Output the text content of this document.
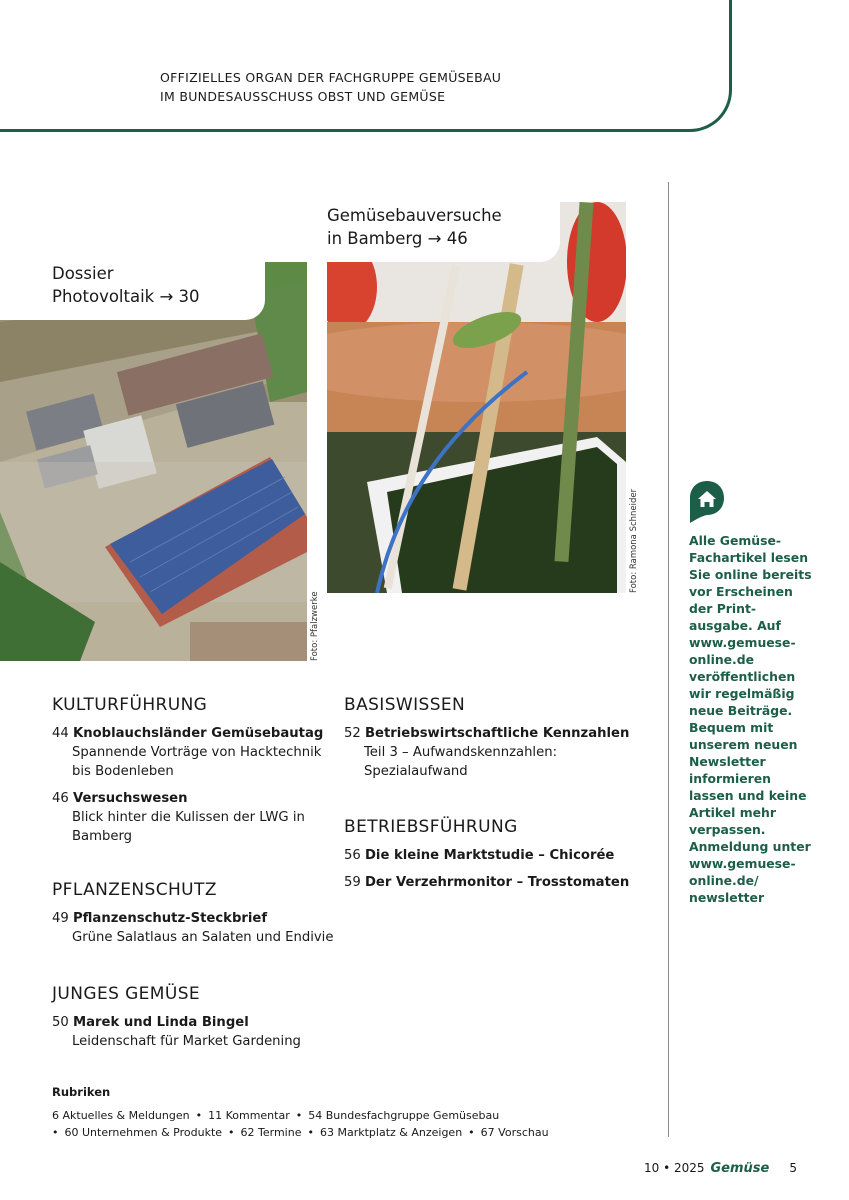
OFFIZIELLES ORGAN DER FACHGRUPPE GEMÜSEBAU
IM BUNDESAUSSCHUSS OBST UND GEMÜSE
Foto: Pfalzwerke
Dossier
Photovoltaik → 30
Foto: Ramona Schneider
Gemüsebauversuche
in Bamberg → 46
KULTURFÜHRUNG
44 Knoblauchsländer Gemüsebautag
Spannende Vorträge von Hacktechnik
bis Bodenleben
46 Versuchswesen
Blick hinter die Kulissen der LWG in
Bamberg
PFLANZENSCHUTZ
49 Pflanzenschutz-Steckbrief
Grüne Salatlaus an Salaten und Endivie
JUNGES GEMÜSE
50 Marek und Linda Bingel
Leidenschaft für Market Gardening
BASISWISSEN
52 Betriebswirtschaftliche Kennzahlen
Teil 3 – Aufwandskennzahlen:
Spezialaufwand
BETRIEBSFÜHRUNG
56 Die kleine Marktstudie – Chicorée
59 Der Verzehrmonitor – Trosstomaten
Alle Gemüse-
Fachartikel lesen
Sie online bereits
vor Erscheinen
der Print-
ausgabe. Auf
www.gemuese-
online.de
veröffentlichen
wir regelmäßig
neue Beiträge.
Bequem mit
unserem neuen
Newsletter
informieren
lassen und keine
Artikel mehr
verpassen.
Anmeldung unter
www.gemuese-
online.de/
newsletter
Rubriken
6 Aktuelles & Meldungen • 11 Kommentar • 54 Bundesfachgruppe Gemüsebau
• 60 Unternehmen & Produkte • 62 Termine • 63 Marktplatz & Anzeigen • 67 Vorschau
10 • 2025 Gemüse 5
